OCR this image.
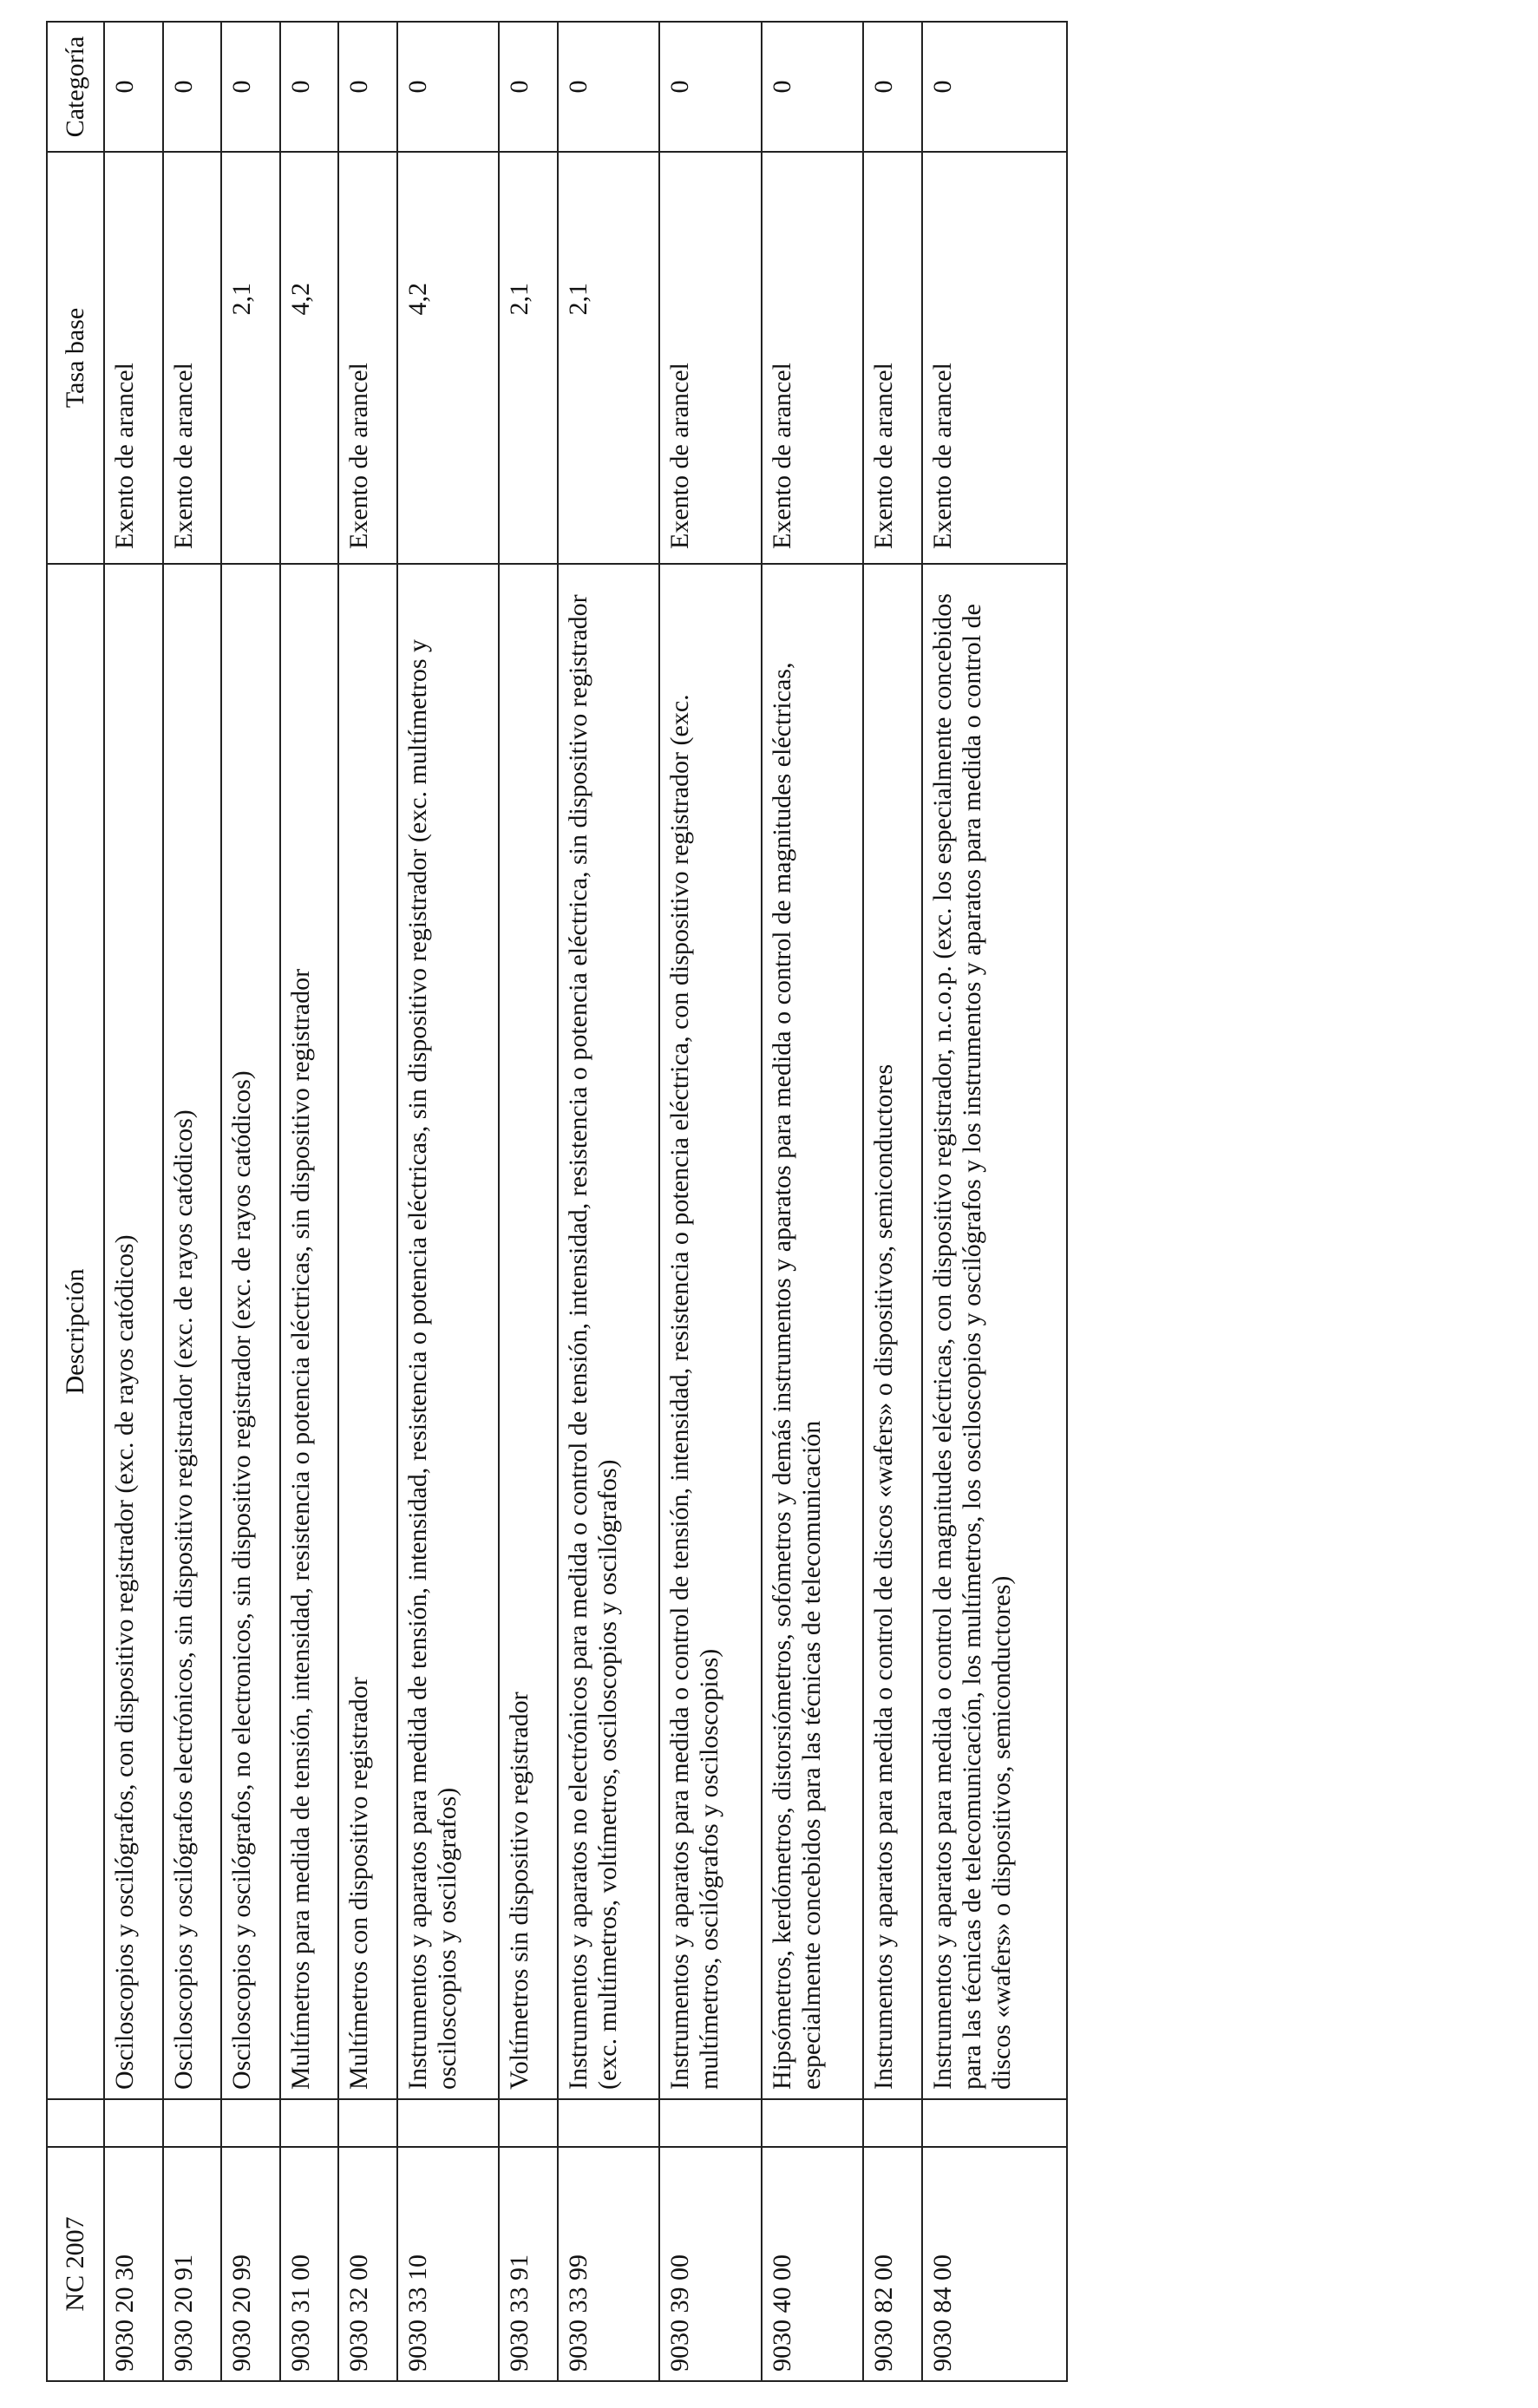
NC 2007		Descripción	Tasa base	Categoría
9030 20 30		Osciloscopios y oscilógrafos, con dispositivo registrador (exc. de rayos catódicos)	Exento de arancel	0
9030 20 91		Osciloscopios y oscilógrafos electrónicos, sin dispositivo registrador (exc. de rayos catódicos)	Exento de arancel	0
9030 20 99		Osciloscopios y oscilógrafos, no electronicos, sin dispositivo registrador (exc. de rayos catódicos)	2,1	0
9030 31 00		Multímetros para medida de tensión, intensidad, resistencia o potencia eléctricas, sin dispositivo registrador	4,2	0
9030 32 00		Multímetros con dispositivo registrador	Exento de arancel	0
9030 33 10		Instrumentos y aparatos para medida de tensión, intensidad, resistencia o potencia eléctricas, sin dispositivo registrador (exc. multímetros y osciloscopios y oscilógrafos)	4,2	0
9030 33 91		Voltímetros sin dispositivo registrador	2,1	0
9030 33 99		Instrumentos y aparatos no electrónicos para medida o control de tensión, intensidad, resistencia o potencia eléctrica, sin dispositivo registrador (exc. multímetros, voltímetros, osciloscopios y oscilógrafos)	2,1	0
9030 39 00		Instrumentos y aparatos para medida o control de tensión, intensidad, resistencia o potencia eléctrica, con dispositivo registrador (exc. multímetros, oscilógrafos y osciloscopios)	Exento de arancel	0
9030 40 00		Hipsómetros, kerdómetros, distorsiómetros, sofómetros y demás instrumentos y aparatos para medida o control de magnitudes eléctricas, especialmente concebidos para las técnicas de telecomunicación	Exento de arancel	0
9030 82 00		Instrumentos y aparatos para medida o control de discos «wafers» o dispositivos, semiconductores	Exento de arancel	0
9030 84 00		Instrumentos y aparatos para medida o control de magnitudes eléctricas, con dispositivo registrador, n.c.o.p. (exc. los especialmente concebidos para las técnicas de telecomunicación, los multímetros, los osciloscopios y oscilógrafos y los instrumentos y aparatos para medida o control de discos «wafers» o dispositivos, semiconductores)	Exento de arancel	0
